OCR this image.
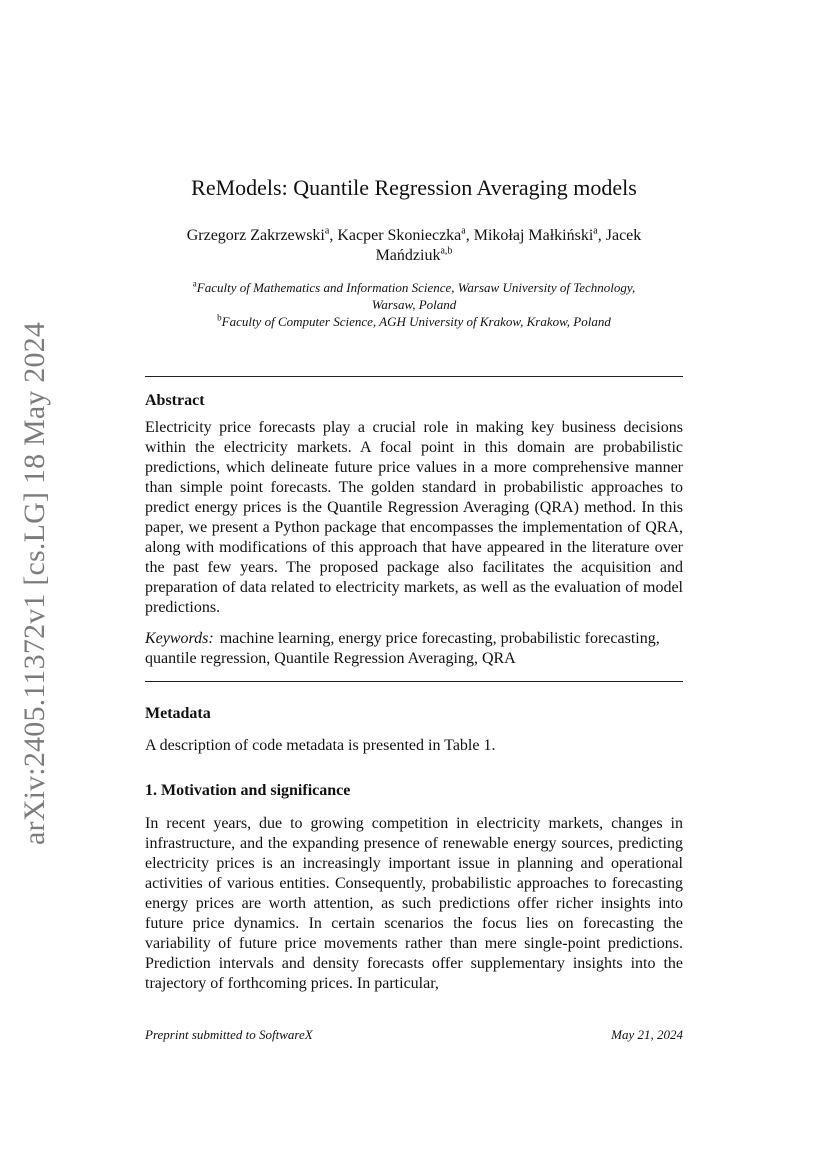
arXiv:2405.11372v1 [cs.LG] 18 May 2024
ReModels: Quantile Regression Averaging models
Grzegorz Zakrzewski$^a$, Kacper Skonieczka$^a$, Mikołaj Małkiński$^a$, Jacek
Mańdziuk$^{a,b}$
$^a$Faculty of Mathematics and Information Science, Warsaw University of Technology,
Warsaw, Poland
$^b$Faculty of Computer Science, AGH University of Krakow, Krakow, Poland
Abstract
Electricity price forecasts play a crucial role in making key business decisions within the electricity markets. A focal point in this domain are probabilistic predictions, which delineate future price values in a more comprehensive manner than simple point forecasts. The golden standard in probabilistic approaches to predict energy prices is the Quantile Regression Averaging (QRA) method. In this paper, we present a Python package that encompasses the implementation of QRA, along with modifications of this approach that have appeared in the literature over the past few years. The proposed package also facilitates the acquisition and preparation of data related to electricity markets, as well as the evaluation of model predictions.
Keywords: machine learning, energy price forecasting, probabilistic forecasting, quantile regression, Quantile Regression Averaging, QRA
Metadata
A description of code metadata is presented in Table 1.
1. Motivation and significance
In recent years, due to growing competition in electricity markets, changes in infrastructure, and the expanding presence of renewable energy sources, predicting electricity prices is an increasingly important issue in planning and operational activities of various entities. Consequently, probabilistic approaches to forecasting energy prices are worth attention, as such predictions offer richer insights into future price dynamics. In certain scenarios the focus lies on forecasting the variability of future price movements rather than mere single-point predictions. Prediction intervals and density forecasts offer supplementary insights into the trajectory of forthcoming prices. In particular,
Preprint submitted to SoftwareX	May 21, 2024
